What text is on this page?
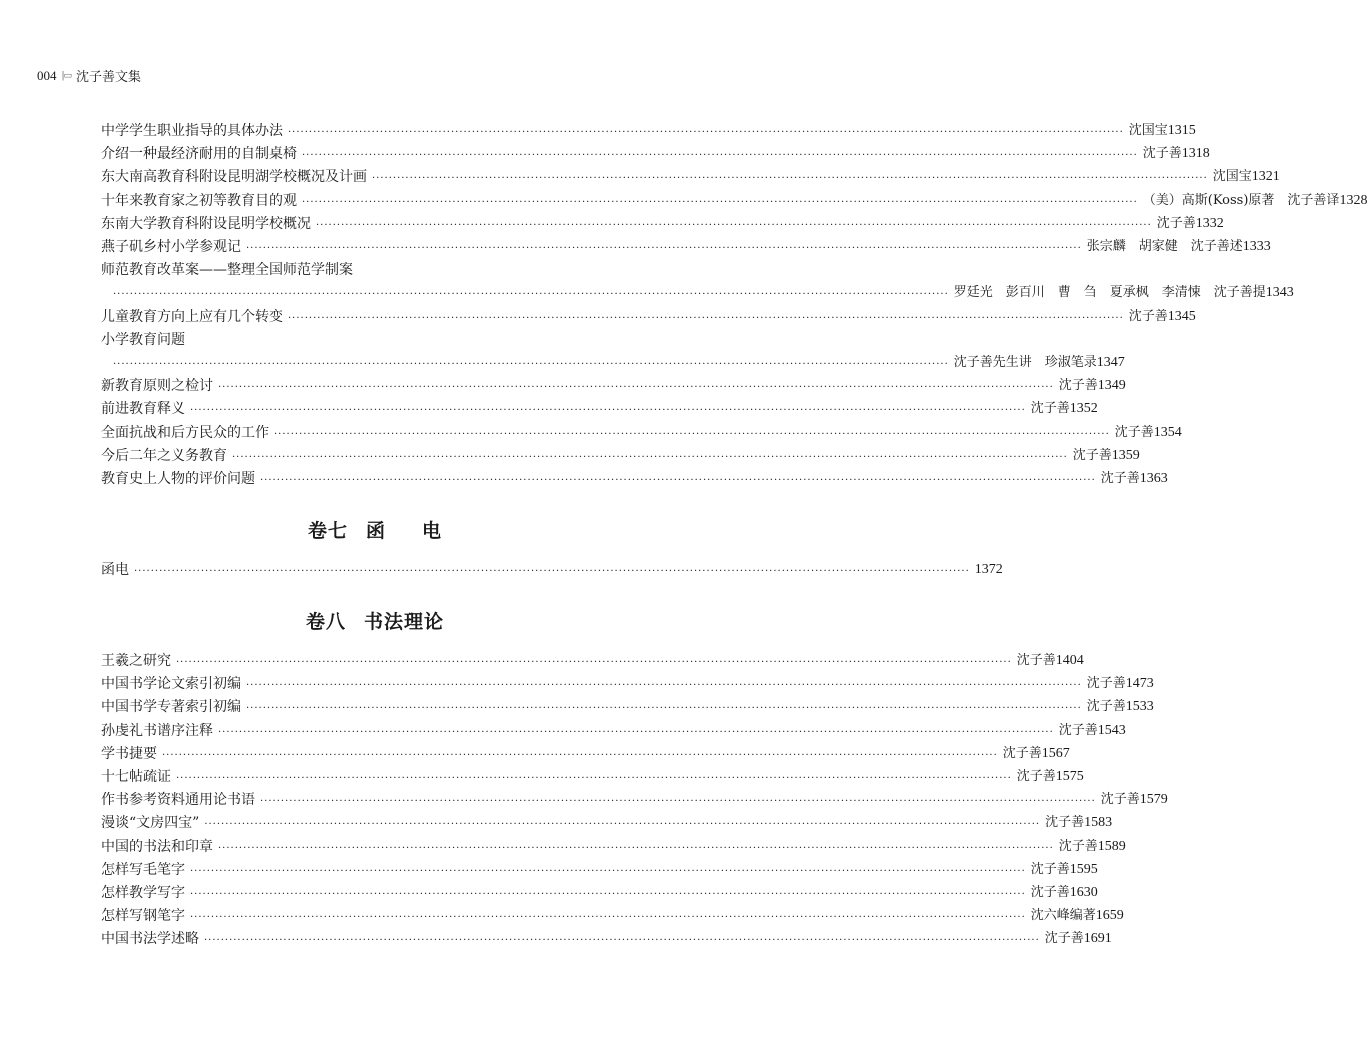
004 |▭ 沈子善文集
中学学生职业指导的具体办法 ········································································································································································································ 沈国宝 1315
介绍一种最经济耐用的自制桌椅 ········································································································································································································ 沈子善 1318
东大南高教育科附设昆明湖学校概况及计画 ········································································································································································································ 沈国宝 1321
十年来教育家之初等教育目的观 ········································································································································································································ （美）高斯(Koss)原著　沈子善译 1328
东南大学教育科附设昆明学校概况 ········································································································································································································ 沈子善 1332
燕子矶乡村小学参观记 ········································································································································································································ 张宗麟　胡家健　沈子善述 1333
师范教育改革案——整理全国师范学制案
········································································································································································································ 罗廷光　彭百川　曹　刍　夏承枫　李清悚　沈子善提 1343
儿童教育方向上应有几个转变 ········································································································································································································ 沈子善 1345
小学教育问题
········································································································································································································ 沈子善先生讲　珍淑笔录 1347
新教育原则之检讨 ········································································································································································································ 沈子善 1349
前进教育释义 ········································································································································································································ 沈子善 1352
全面抗战和后方民众的工作 ········································································································································································································ 沈子善 1354
今后二年之义务教育 ········································································································································································································ 沈子善 1359
教育史上人物的评价问题 ········································································································································································································ 沈子善 1363
卷七 函 电
函电 ········································································································································································································ 1372
卷八 书法理论
王羲之研究 ········································································································································································································ 沈子善 1404
中国书学论文索引初编 ········································································································································································································ 沈子善 1473
中国书学专著索引初编 ········································································································································································································ 沈子善 1533
孙虔礼书谱序注释 ········································································································································································································ 沈子善 1543
学书捷要 ········································································································································································································ 沈子善 1567
十七帖疏证 ········································································································································································································ 沈子善 1575
作书参考资料通用论书语 ········································································································································································································ 沈子善 1579
漫谈“文房四宝” ········································································································································································································ 沈子善 1583
中国的书法和印章 ········································································································································································································ 沈子善 1589
怎样写毛笔字 ········································································································································································································ 沈子善 1595
怎样教学写字 ········································································································································································································ 沈子善 1630
怎样写钢笔字 ········································································································································································································ 沈六峰编著 1659
中国书法学述略 ········································································································································································································ 沈子善 1691
